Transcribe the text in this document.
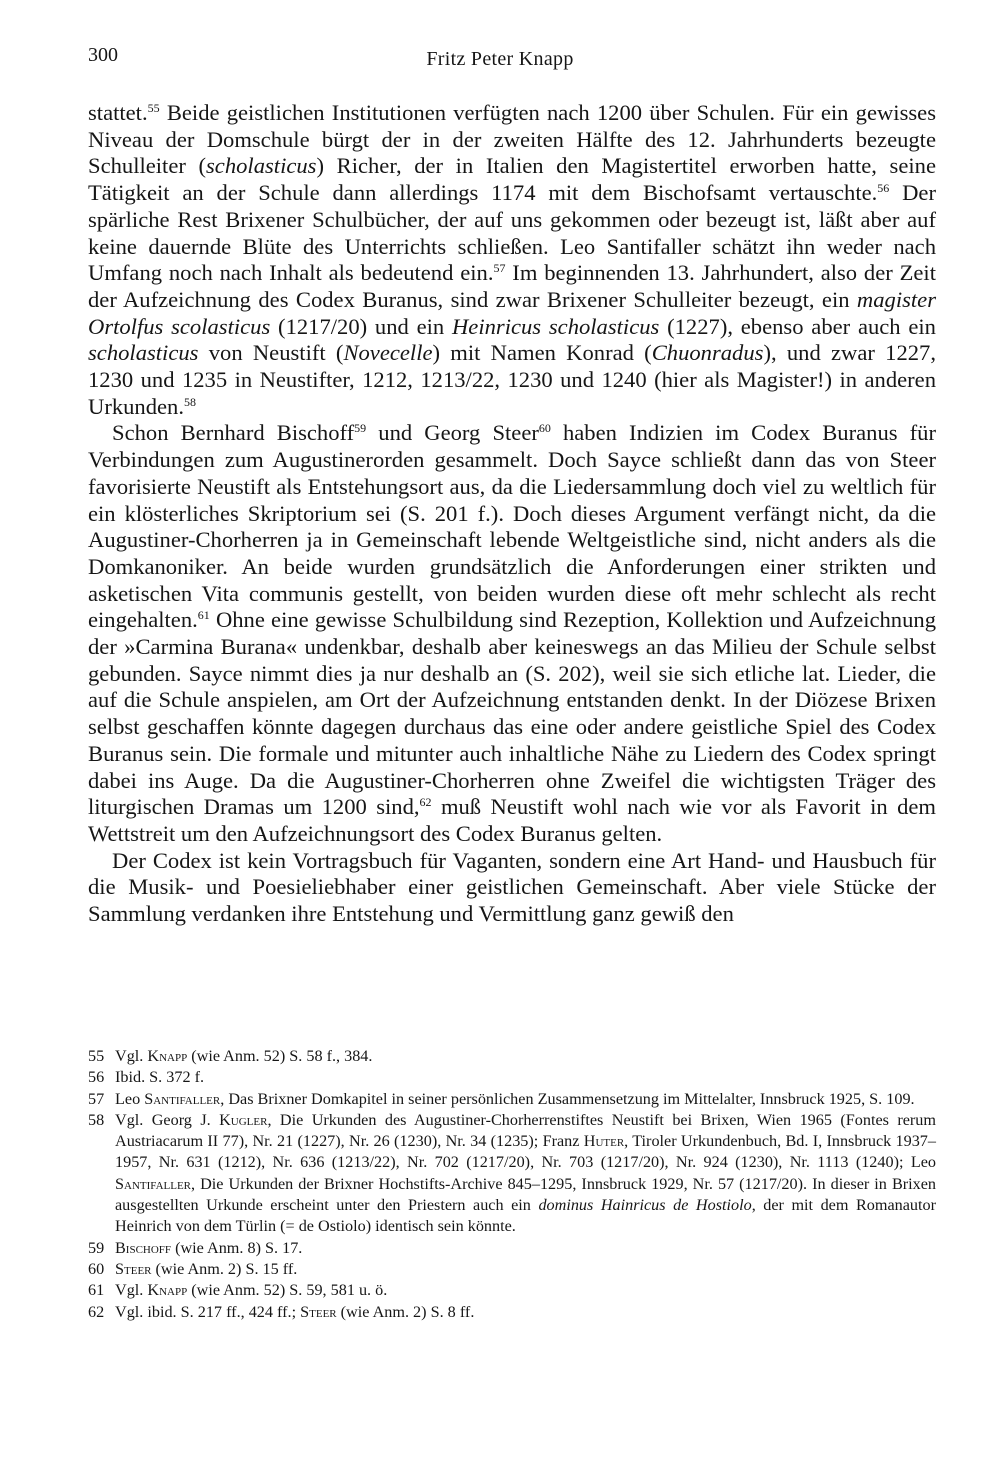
300	Fritz Peter Knapp

stattet.$^{55}$ Beide geistlichen Institutionen verfügten nach 1200 über Schulen. Für ein gewisses Niveau der Domschule bürgt der in der zweiten Hälfte des 12. Jahrhunderts bezeugte Schulleiter (scholasticus) Richer, der in Italien den Magistertitel erworben hatte, seine Tätigkeit an der Schule dann allerdings 1174 mit dem Bischofsamt vertauschte.$^{56}$ Der spärliche Rest Brixener Schulbücher, der auf uns gekommen oder bezeugt ist, läßt aber auf keine dauernde Blüte des Unterrichts schließen. Leo Santifaller schätzt ihn weder nach Umfang noch nach Inhalt als bedeutend ein.$^{57}$ Im beginnenden 13. Jahrhundert, also der Zeit der Aufzeichnung des Codex Buranus, sind zwar Brixener Schulleiter bezeugt, ein magister Ortolfus scolasticus (1217/20) und ein Heinricus scholasticus (1227), ebenso aber auch ein scholasticus von Neustift (Novecelle) mit Namen Konrad (Chuonradus), und zwar 1227, 1230 und 1235 in Neustifter, 1212, 1213/22, 1230 und 1240 (hier als Magister!) in anderen Urkunden.$^{58}$

Schon Bernhard Bischoff$^{59}$ und Georg Steer$^{60}$ haben Indizien im Codex Buranus für Verbindungen zum Augustinerorden gesammelt. Doch Sayce schließt dann das von Steer favorisierte Neustift als Entstehungsort aus, da die Liedersammlung doch viel zu weltlich für ein klösterliches Skriptorium sei (S. 201 f.). Doch dieses Argument verfängt nicht, da die Augustiner-Chorherren ja in Gemeinschaft lebende Weltgeistliche sind, nicht anders als die Domkanoniker. An beide wurden grundsätzlich die Anforderungen einer strikten und asketischen Vita communis gestellt, von beiden wurden diese oft mehr schlecht als recht eingehalten.$^{61}$ Ohne eine gewisse Schulbildung sind Rezeption, Kollektion und Aufzeichnung der »Carmina Burana« undenkbar, deshalb aber keineswegs an das Milieu der Schule selbst gebunden. Sayce nimmt dies ja nur deshalb an (S. 202), weil sie sich etliche lat. Lieder, die auf die Schule anspielen, am Ort der Aufzeichnung entstanden denkt. In der Diözese Brixen selbst geschaffen könnte dagegen durchaus das eine oder andere geistliche Spiel des Codex Buranus sein. Die formale und mitunter auch inhaltliche Nähe zu Liedern des Codex springt dabei ins Auge. Da die Augustiner-Chorherren ohne Zweifel die wichtigsten Träger des liturgischen Dramas um 1200 sind,$^{62}$ muß Neustift wohl nach wie vor als Favorit in dem Wettstreit um den Aufzeichnungsort des Codex Buranus gelten.

Der Codex ist kein Vortragsbuch für Vaganten, sondern eine Art Hand- und Hausbuch für die Musik- und Poesieliebhaber einer geistlichen Gemeinschaft. Aber viele Stücke der Sammlung verdanken ihre Entstehung und Vermittlung ganz gewiß den

55 Vgl. Knapp (wie Anm. 52) S. 58 f., 384.
56 Ibid. S. 372 f.
57 Leo Santifaller, Das Brixner Domkapitel in seiner persönlichen Zusammensetzung im Mittelalter, Innsbruck 1925, S. 109.
58 Vgl. Georg J. Kugler, Die Urkunden des Augustiner-Chorherrenstiftes Neustift bei Brixen, Wien 1965 (Fontes rerum Austriacarum II 77), Nr. 21 (1227), Nr. 26 (1230), Nr. 34 (1235); Franz Huter, Tiroler Urkundenbuch, Bd. I, Innsbruck 1937–1957, Nr. 631 (1212), Nr. 636 (1213/22), Nr. 702 (1217/20), Nr. 703 (1217/20), Nr. 924 (1230), Nr. 1113 (1240); Leo Santifaller, Die Urkunden der Brixner Hochstifts-Archive 845–1295, Innsbruck 1929, Nr. 57 (1217/20). In dieser in Brixen ausgestellten Urkunde erscheint unter den Priestern auch ein dominus Hainricus de Hostiolo, der mit dem Romanautor Heinrich von dem Türlin (= de Ostiolo) identisch sein könnte.
59 Bischoff (wie Anm. 8) S. 17.
60 Steer (wie Anm. 2) S. 15 ff.
61 Vgl. Knapp (wie Anm. 52) S. 59, 581 u. ö.
62 Vgl. ibid. S. 217 ff., 424 ff.; Steer (wie Anm. 2) S. 8 ff.
